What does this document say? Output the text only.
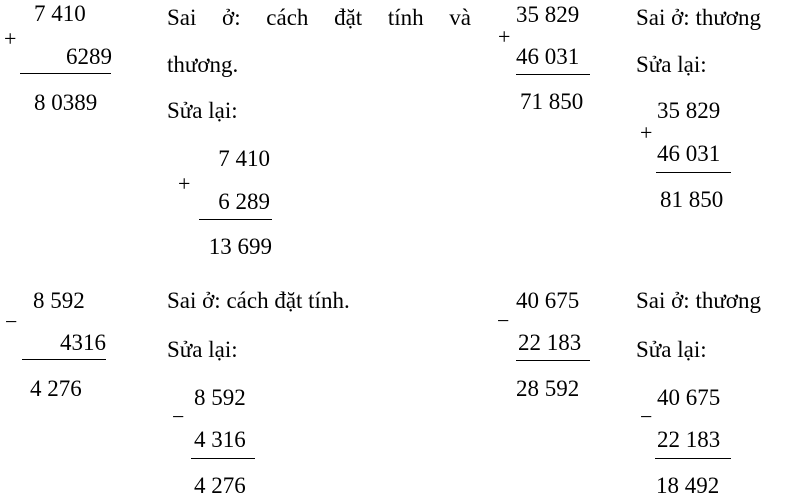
7 410
+
6289
8 0389
Sai ở: cách đặt tính và
thương.
Sửa lại:
7 410
+
6 289
13 699
35 829
+
46 031
71 850
Sai ở: thương
Sửa lại:
35 829
+
46 031
81 850
8 592
−
4316
4 276
Sai ở: cách đặt tính.
Sửa lại:
8 592
−
4 316
4 276
40 675
−
22 183
28 592
Sai ở: thương
Sửa lại:
40 675
−
22 183
18 492
